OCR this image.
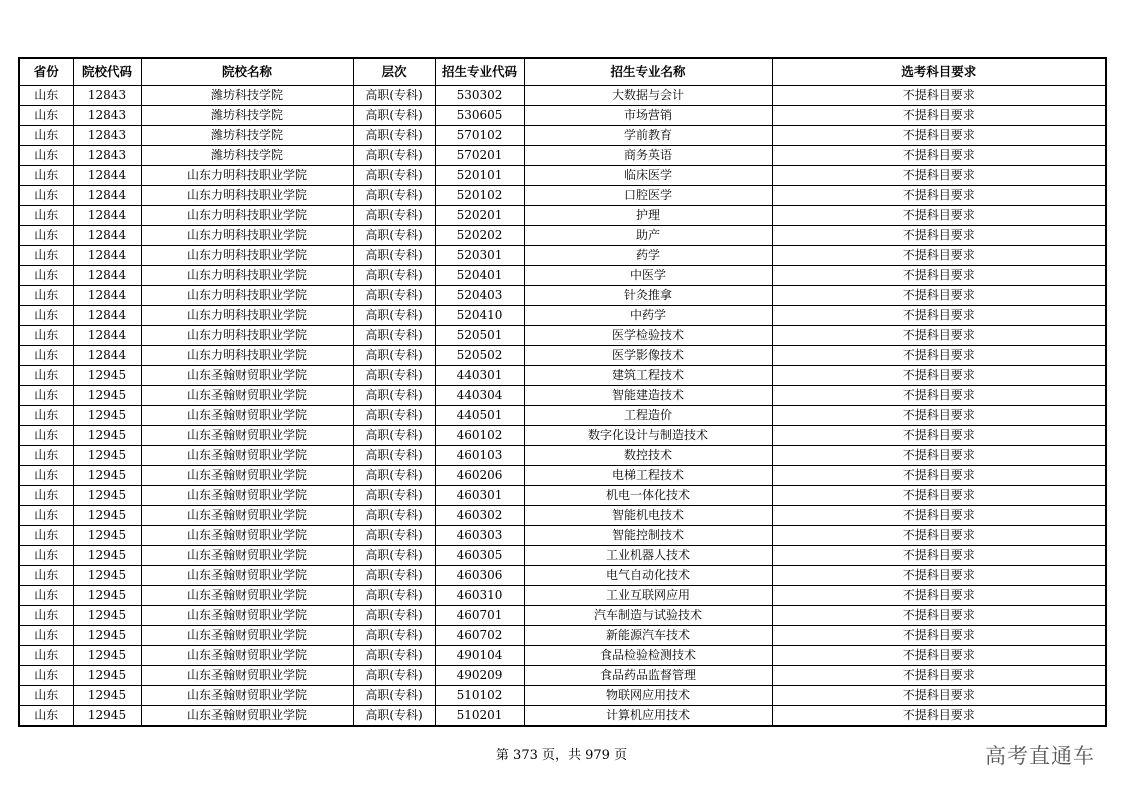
省份	院校代码	院校名称	层次	招生专业代码	招生专业名称	选考科目要求
山东	12843	潍坊科技学院	高职(专科)	530302	大数据与会计	不提科目要求
山东	12843	潍坊科技学院	高职(专科)	530605	市场营销	不提科目要求
山东	12843	潍坊科技学院	高职(专科)	570102	学前教育	不提科目要求
山东	12843	潍坊科技学院	高职(专科)	570201	商务英语	不提科目要求
山东	12844	山东力明科技职业学院	高职(专科)	520101	临床医学	不提科目要求
山东	12844	山东力明科技职业学院	高职(专科)	520102	口腔医学	不提科目要求
山东	12844	山东力明科技职业学院	高职(专科)	520201	护理	不提科目要求
山东	12844	山东力明科技职业学院	高职(专科)	520202	助产	不提科目要求
山东	12844	山东力明科技职业学院	高职(专科)	520301	药学	不提科目要求
山东	12844	山东力明科技职业学院	高职(专科)	520401	中医学	不提科目要求
山东	12844	山东力明科技职业学院	高职(专科)	520403	针灸推拿	不提科目要求
山东	12844	山东力明科技职业学院	高职(专科)	520410	中药学	不提科目要求
山东	12844	山东力明科技职业学院	高职(专科)	520501	医学检验技术	不提科目要求
山东	12844	山东力明科技职业学院	高职(专科)	520502	医学影像技术	不提科目要求
山东	12945	山东圣翰财贸职业学院	高职(专科)	440301	建筑工程技术	不提科目要求
山东	12945	山东圣翰财贸职业学院	高职(专科)	440304	智能建造技术	不提科目要求
山东	12945	山东圣翰财贸职业学院	高职(专科)	440501	工程造价	不提科目要求
山东	12945	山东圣翰财贸职业学院	高职(专科)	460102	数字化设计与制造技术	不提科目要求
山东	12945	山东圣翰财贸职业学院	高职(专科)	460103	数控技术	不提科目要求
山东	12945	山东圣翰财贸职业学院	高职(专科)	460206	电梯工程技术	不提科目要求
山东	12945	山东圣翰财贸职业学院	高职(专科)	460301	机电一体化技术	不提科目要求
山东	12945	山东圣翰财贸职业学院	高职(专科)	460302	智能机电技术	不提科目要求
山东	12945	山东圣翰财贸职业学院	高职(专科)	460303	智能控制技术	不提科目要求
山东	12945	山东圣翰财贸职业学院	高职(专科)	460305	工业机器人技术	不提科目要求
山东	12945	山东圣翰财贸职业学院	高职(专科)	460306	电气自动化技术	不提科目要求
山东	12945	山东圣翰财贸职业学院	高职(专科)	460310	工业互联网应用	不提科目要求
山东	12945	山东圣翰财贸职业学院	高职(专科)	460701	汽车制造与试验技术	不提科目要求
山东	12945	山东圣翰财贸职业学院	高职(专科)	460702	新能源汽车技术	不提科目要求
山东	12945	山东圣翰财贸职业学院	高职(专科)	490104	食品检验检测技术	不提科目要求
山东	12945	山东圣翰财贸职业学院	高职(专科)	490209	食品药品监督管理	不提科目要求
山东	12945	山东圣翰财贸职业学院	高职(专科)	510102	物联网应用技术	不提科目要求
山东	12945	山东圣翰财贸职业学院	高职(专科)	510201	计算机应用技术	不提科目要求
第 373 页，共 979 页	高考直通车
